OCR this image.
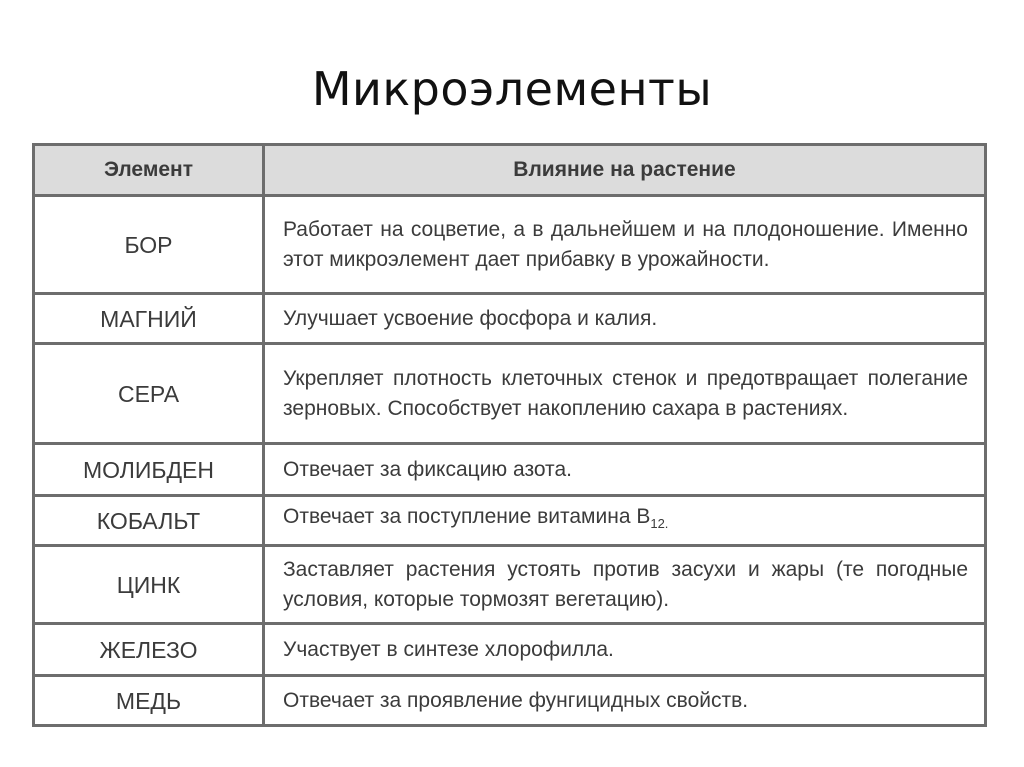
Микроэлементы
Элемент	Влияние на растение
БОР	Работает на соцветие, а в дальнейшем и на плодоношение. Именно этот микроэлемент дает прибавку в урожайности.
МАГНИЙ	Улучшает усвоение фосфора и калия.
СЕРА	Укрепляет плотность клеточных стенок и предотвращает полегание зерновых. Способствует накоплению сахара в растениях.
МОЛИБДЕН	Отвечает за фиксацию азота.
КОБАЛЬТ	Отвечает за поступление витамина $В_{12.}$
ЦИНК	Заставляет растения устоять против засухи и жары (те погодные условия, которые тормозят вегетацию).
ЖЕЛЕЗО	Участвует в синтезе хлорофилла.
МЕДЬ	Отвечает за проявление фунгицидных свойств.
